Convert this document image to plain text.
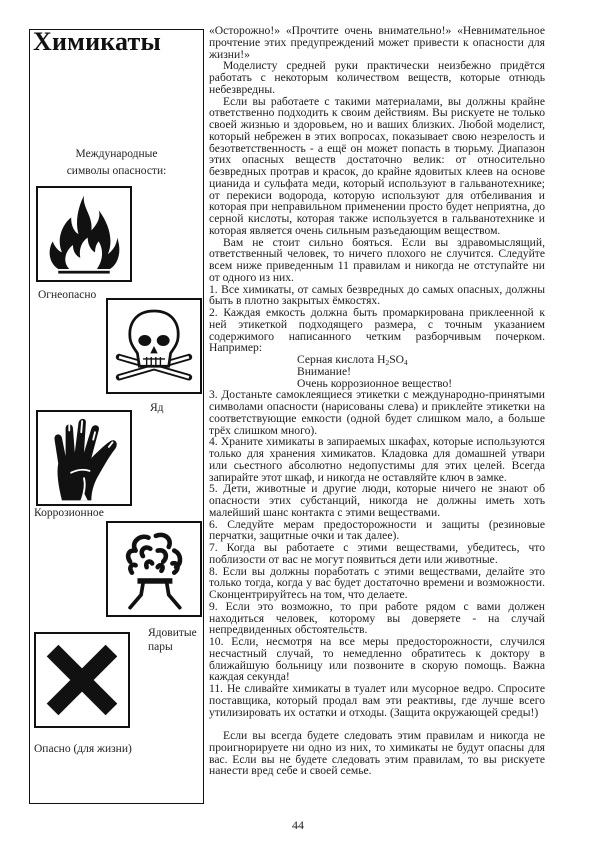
Химикаты
Международные
символы опасности:
Огнеопасно
Яд
Коррозионное
Ядовитые
пары
Опасно (для жизни)

«Осторожно!» «Прочтите очень внимательно!» «Невнимательное прочтение этих предупреждений может привести к опасности для жизни!»

Моделисту средней руки практически неизбежно придётся работать с некоторым количеством веществ, которые отнюдь небезвредны.

Если вы работаете с такими материалами, вы должны крайне ответственно подходить к своим действиям. Вы рискуете не только своей жизнью и здоровьем, но и ваших близких. Любой моделист, который небрежен в этих вопросах, показывает свою незрелость и безответственность - а ещё он может попасть в тюрьму. Диапазон этих опасных веществ достаточно велик: от относительно безвредных протрав и красок, до крайне ядовитых клеев на основе цианида и сульфата меди, который используют в гальванотехнике; от перекиси водорода, которую используют для отбеливания и которая при неправильном применении просто будет неприятна, до серной кислоты, которая также используется в гальванотехнике и которая является очень сильным разъедающим веществом.

Вам не стоит сильно бояться. Если вы здравомыслящий, ответственный человек, то ничего плохого не случится. Следуйте всем ниже приведенным 11 правилам и никогда не отступайте ни от одного из них.

1. Все химикаты, от самых безвредных до самых опасных, должны быть в плотно закрытых ёмкостях.

2. Каждая емкость должна быть промаркирована приклеенной к ней этикеткой подходящего размера, с точным указанием содержимого написанного четким разборчивым почерком. Например:

Серная кислота $H_2SO_4$

Внимание!

Очень коррозионное вещество!

3. Достаньте самоклеящиеся этикетки с международно-принятыми символами опасности (нарисованы слева) и приклейте этикетки на соответствующие емкости (одной будет слишком мало, а больше трёх слишком много).

4. Храните химикаты в запираемых шкафах, которые используются только для хранения химикатов. Кладовка для домашней утвари или сьестного абсолютно недопустимы для этих целей. Всегда запирайте этот шкаф, и никогда не оставляйте ключ в замке.

5. Дети, животные и другие люди, которые ничего не знают об опасности этих субстанций, никогда не должны иметь хоть малейший шанс контакта с этими веществами.

6. Следуйте мерам предосторожности и защиты (резиновые перчатки, защитные очки и так далее).

7. Когда вы работаете с этими веществами, убедитесь, что поблизости от вас не могут появиться дети или животные.

8. Если вы должны поработать с этими веществами, делайте это только тогда, когда у вас будет достаточно времени и возможности. Сконцентрируйтесь на том, что делаете.

9. Если это возможно, то при работе рядом с вами должен находиться человек, которому вы доверяете - на случай непредвиденных обстоятельств.

10. Если, несмотря на все меры предосторожности, случился несчастный случай, то немедленно обратитесь к доктору в ближайшую больницу или позвоните в скорую помощь. Важна каждая секунда!

11. Не сливайте химикаты в туалет или мусорное ведро. Спросите поставщика, который продал вам эти реактивы, где лучше всего утилизировать их остатки и отходы. (Защита окружающей среды!)

Если вы всегда будете следовать этим правилам и никогда не проигнорируете ни одно из них, то химикаты не будут опасны для вас. Если вы не будете следовать этим правилам, то вы рискуете нанести вред себе и своей семье.

44
